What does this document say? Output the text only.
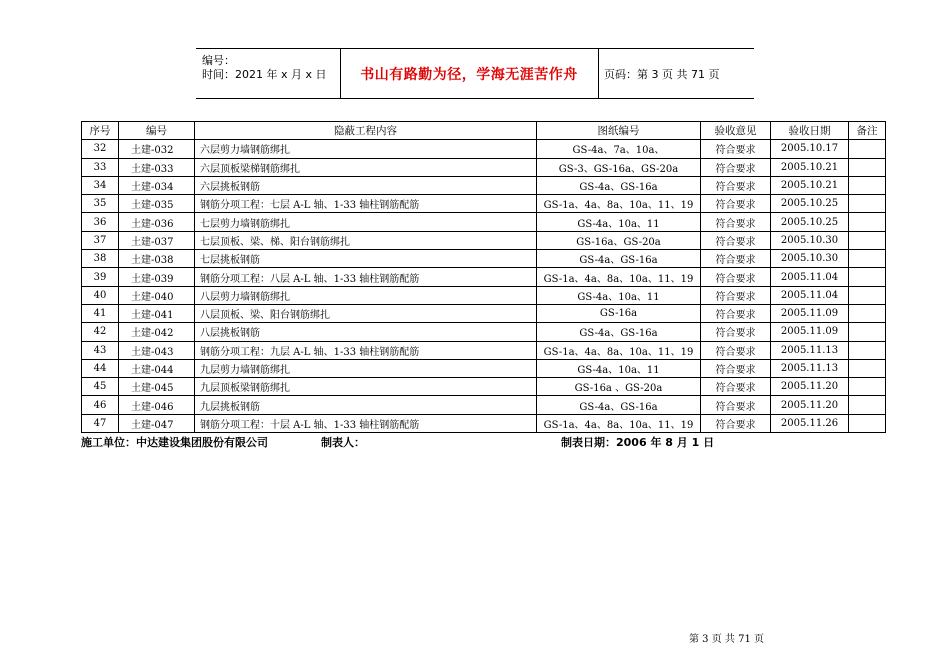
编号：
时间：2021 年 x 月 x 日 书山有路勤为径，学海无涯苦作舟	页码：第 3 页 共 71 页
序号	编号	隐蔽工程内容	图纸编号	验收意见	验收日期	备注
32	土建-032	六层剪力墙钢筋绑扎	GS-4a、7a、10a、	符合要求	2005.10.17	
33	土建-033	六层顶板梁梯钢筋绑扎	GS-3、GS-16a、GS-20a	符合要求	2005.10.21	
34	土建-034	六层挑板钢筋	GS-4a、GS-16a	符合要求	2005.10.21	
35	土建-035	钢筋分项工程：七层 A-L 轴、1-33 轴柱钢筋配筋	GS-1a、4a、8a、10a、11、19	符合要求	2005.10.25	
36	土建-036	七层剪力墙钢筋绑扎	GS-4a、10a、11	符合要求	2005.10.25	
37	土建-037	七层顶板、梁、梯、阳台钢筋绑扎	GS-16a、GS-20a	符合要求	2005.10.30	
38	土建-038	七层挑板钢筋	GS-4a、GS-16a	符合要求	2005.10.30	
39	土建-039	钢筋分项工程：八层 A-L 轴、1-33 轴柱钢筋配筋	GS-1a、4a、8a、10a、11、19	符合要求	2005.11.04	
40	土建-040	八层剪力墙钢筋绑扎	GS-4a、10a、11	符合要求	2005.11.04	
41	土建-041	八层顶板、梁、阳台钢筋绑扎	GS-16a	符合要求	2005.11.09	
42	土建-042	八层挑板钢筋	GS-4a、GS-16a	符合要求	2005.11.09	
43	土建-043	钢筋分项工程：九层 A-L 轴、1-33 轴柱钢筋配筋	GS-1a、4a、8a、10a、11、19	符合要求	2005.11.13	
44	土建-044	九层剪力墙钢筋绑扎	GS-4a、10a、11	符合要求	2005.11.13	
45	土建-045	九层顶板梁钢筋绑扎	GS-16a 、GS-20a	符合要求	2005.11.20	
46	土建-046	九层挑板钢筋	GS-4a、GS-16a	符合要求	2005.11.20	
47	土建-047	钢筋分项工程：十层 A-L 轴、1-33 轴柱钢筋配筋	GS-1a、4a、8a、10a、11、19	符合要求	2005.11.26	
施工单位：中达建设集团股份有限公司	制表人：	制表日期：2006 年 8 月 1 日
第 3 页 共 71 页
